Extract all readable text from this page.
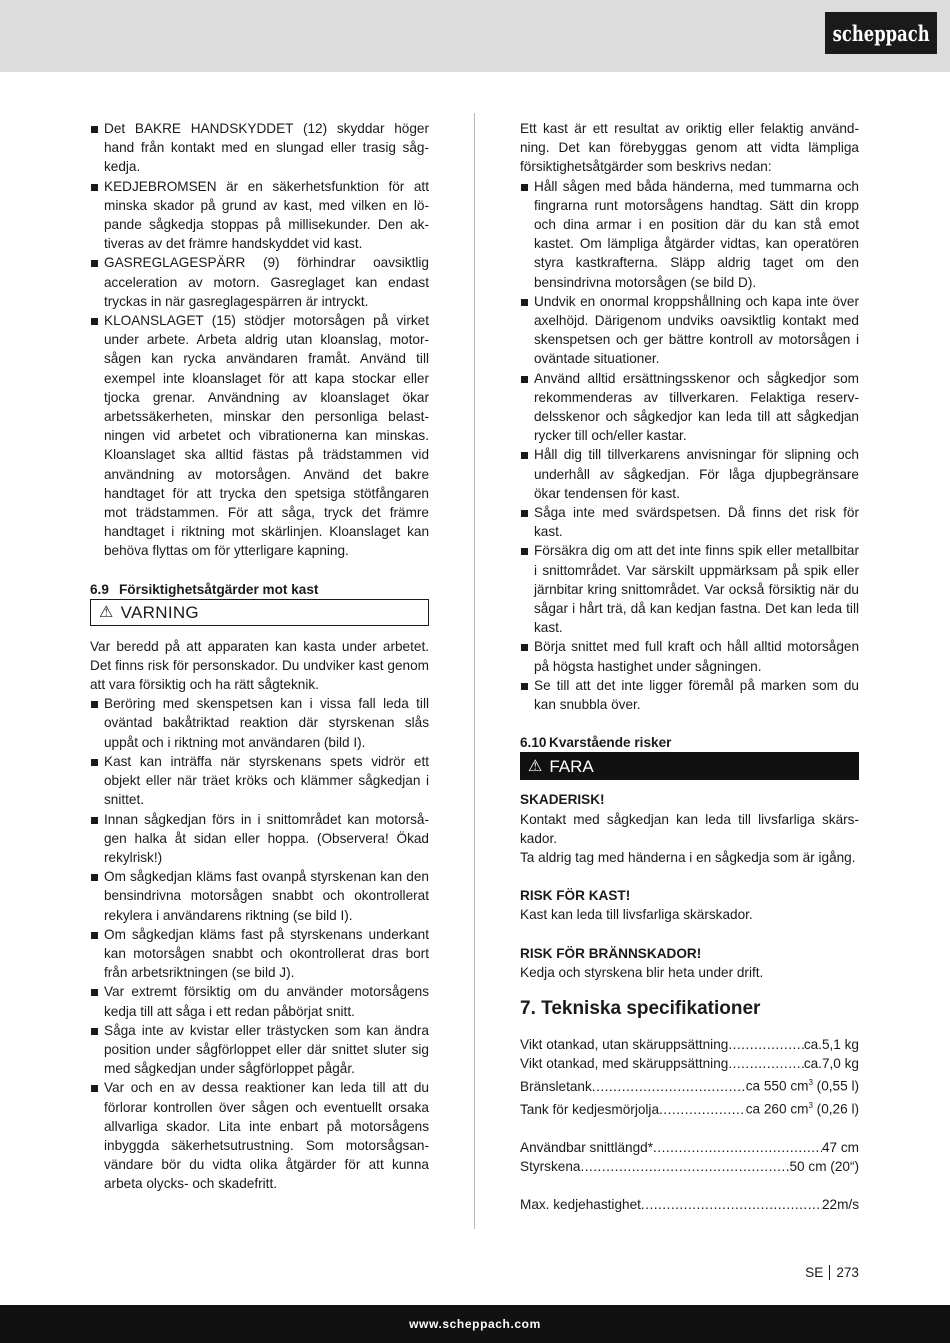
scheppach
Det BAKRE HANDSKYDDET (12) skyddar höger hand från kontakt med en slungad eller trasig sågkedja.
KEDJEBROMSEN är en säkerhetsfunktion för att minska skador på grund av kast, med vilken en löpande sågkedja stoppas på millisekunder. Den aktiveras av det främre handskyddet vid kast.
GASREGLAGESPÄRR (9) förhindrar oavsiktlig acceleration av motorn. Gasreglaget kan endast tryckas in när gasreglagespärren är intryckt.
KLOANSLAGET (15) stödjer motorsågen på virket under arbete. Arbeta aldrig utan kloanslag, motorsågen kan rycka användaren framåt. Använd till exempel inte kloanslaget för att kapa stockar eller tjocka grenar. Användning av kloanslaget ökar arbetssäkerheten, minskar den personliga belastningen vid arbetet och vibrationerna kan minskas. Kloanslaget ska alltid fästas på trädstammen vid användning av motorsågen. Använd det bakre handtaget för att trycka den spetsiga stötfångaren mot trädstammen. För att såga, tryck det främre handtaget i riktning mot skärlinjen. Kloanslaget kan behöva flyttas om för ytterligare kapning.
6.9 Försiktighetsåtgärder mot kast
⚠ VARNING

Var beredd på att apparaten kan kasta under arbetet. Det finns risk för personskador. Du undviker kast genom att vara försiktig och ha rätt sågteknik.

Beröring med skenspetsen kan i vissa fall leda till oväntad bakåtriktad reaktion där styrskenan slås uppåt och i riktning mot användaren (bild I).
Kast kan inträffa när styrskenans spets vidrör ett objekt eller när träet kröks och klämmer sågkedjan i snittet.
Innan sågkedjan förs in i snittområdet kan motorsågen halka åt sidan eller hoppa. (Observera! Ökad rekylrisk!)
Om sågkedjan kläms fast ovanpå styrskenan kan den bensindrivna motorsågen snabbt och okontrollerat rekylera i användarens riktning (se bild I).
Om sågkedjan kläms fast på styrskenans underkant kan motorsågen snabbt och okontrollerat dras bort från arbetsriktningen (se bild J).
Var extremt försiktig om du använder motorsågens kedja till att såga i ett redan påbörjat snitt.
Såga inte av kvistar eller trästycken som kan ändra position under sågförloppet eller där snittet sluter sig med sågkedjan under sågförloppet pågår.
Var och en av dessa reaktioner kan leda till att du förlorar kontrollen över sågen och eventuellt orsaka allvarliga skador. Lita inte enbart på motorsågens inbyggda säkerhetsutrustning. Som motorsågsanvändare bör du vidta olika åtgärder för att kunna arbeta olycks- och skadefritt.

Ett kast är ett resultat av oriktig eller felaktig användning. Det kan förebyggas genom att vidta lämpliga försiktighetsåtgärder som beskrivs nedan:

Håll sågen med båda händerna, med tummarna och fingrarna runt motorsågens handtag. Sätt din kropp och dina armar i en position där du kan stå emot kastet. Om lämpliga åtgärder vidtas, kan operatören styra kastkrafterna. Släpp aldrig taget om den bensindrivna motorsågen (se bild D).
Undvik en onormal kroppshållning och kapa inte över axelhöjd. Därigenom undviks oavsiktlig kontakt med skenspetsen och ger bättre kontroll av motorsågen i oväntade situationer.
Använd alltid ersättningsskenor och sågkedjor som rekommenderas av tillverkaren. Felaktiga reservdelsskenor och sågkedjor kan leda till att sågkedjan rycker till och/eller kastar.
Håll dig till tillverkarens anvisningar för slipning och underhåll av sågkedjan. För låga djupbegränsare ökar tendensen för kast.
Såga inte med svärdspetsen. Då finns det risk för kast.
Försäkra dig om att det inte finns spik eller metallbitar i snittområdet. Var särskilt uppmärksam på spik eller järnbitar kring snittområdet. Var också försiktig när du sågar i hårt trä, då kan kedjan fastna. Det kan leda till kast.
Börja snittet med full kraft och håll alltid motorsågen på högsta hastighet under sågningen.
Se till att det inte ligger föremål på marken som du kan snubbla över.
6.10 Kvarstående risker
⚠ FARA
SKADERISK!

Kontakt med sågkedjan kan leda till livsfarliga skärskador.

Ta aldrig tag med händerna i en sågkedja som är igång.

RISK FÖR KAST!

Kast kan leda till livsfarliga skärskador.

RISK FÖR BRÄNNSKADOR!

Kedja och styrskena blir heta under drift.

7. Tekniska specifikationer
Vikt otankad, utan skäruppsättning .....	ca.5,1 kg
Vikt otankad, med skäruppsättning .....	ca.7,0 kg
Bränsletank .....	ca 550 $cm^3$ (0,55 l)
Tank för kedjesmörjolja .....	ca 260 $cm^3$ (0,26 l)
Användbar snittlängd* .....	47 cm
Styrskena .....	50 cm (20“)
Max. kedjehastighet .....	22m/s
SE 273
www.scheppach.com
